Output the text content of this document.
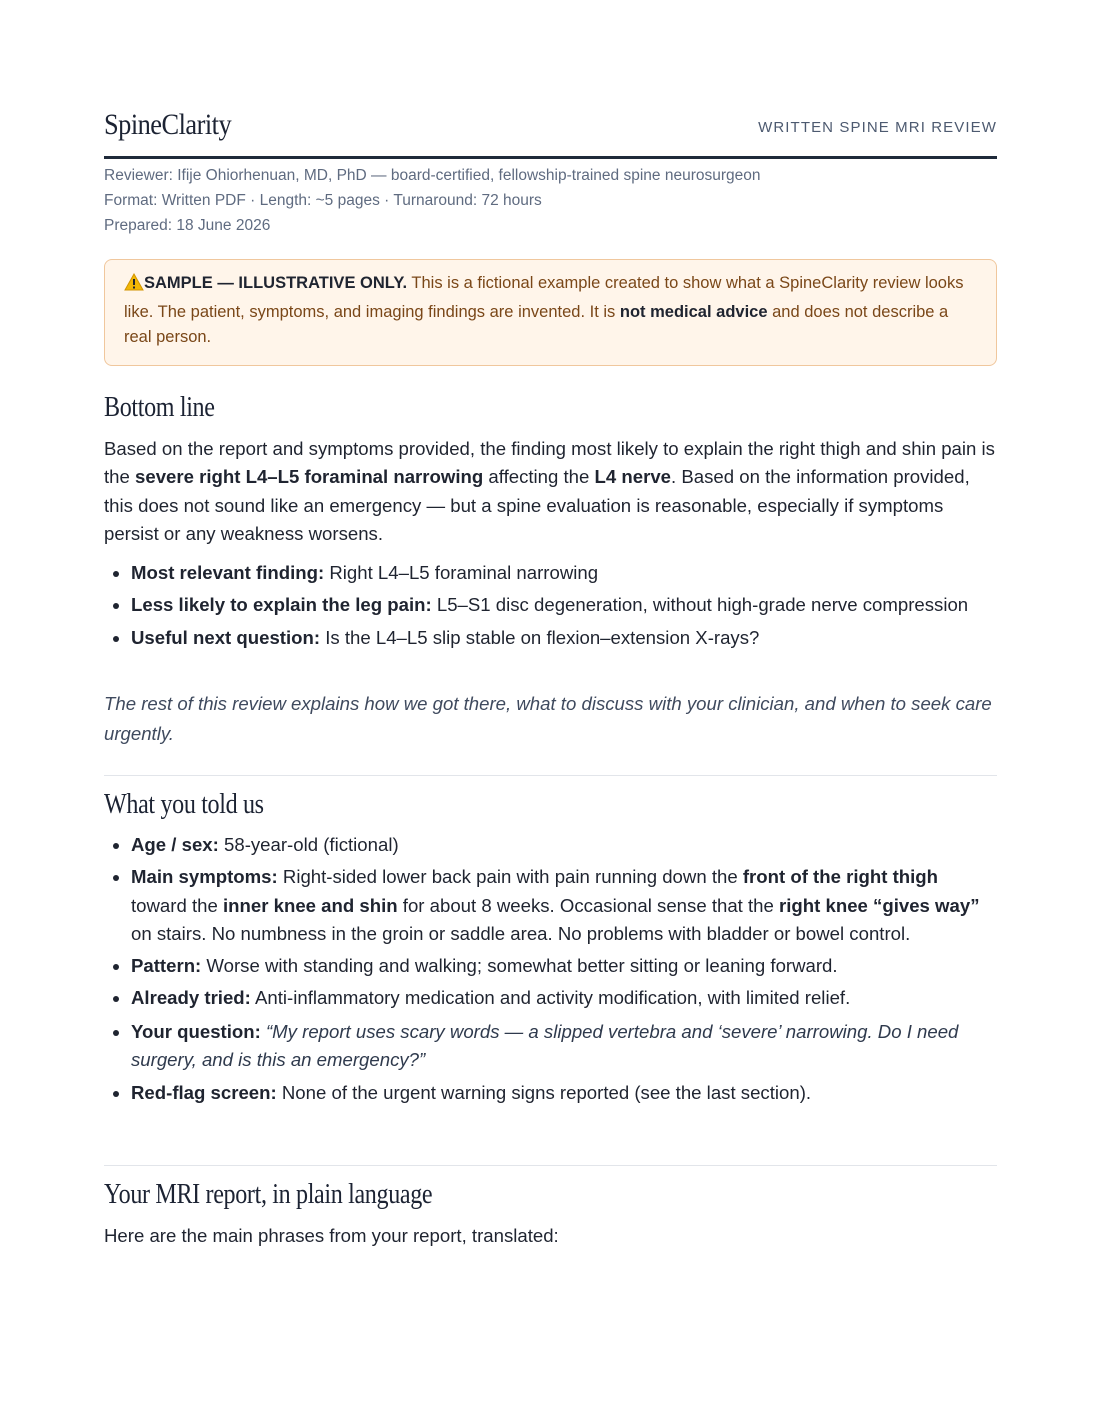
SpineClarity	WRITTEN SPINE MRI REVIEW
Reviewer: Ifije Ohiorhenuan, MD, PhD — board-certified, fellowship-trained spine neurosurgeon
Format: Written PDF · Length: ~5 pages · Turnaround: 72 hours
Prepared: 18 June 2026
SAMPLE — ILLUSTRATIVE ONLY. This is a fictional example created to show what a SpineClarity review looks like. The patient, symptoms, and imaging findings are invented. It is not medical advice and does not describe a real person.
Bottom line
Based on the report and symptoms provided, the finding most likely to explain the right thigh and shin pain is the severe right L4–L5 foraminal narrowing affecting the L4 nerve. Based on the information provided, this does not sound like an emergency — but a spine evaluation is reasonable, especially if symptoms persist or any weakness worsens.
Most relevant finding: Right L4–L5 foraminal narrowing
Less likely to explain the leg pain: L5–S1 disc degeneration, without high-grade nerve compression
Useful next question: Is the L4–L5 slip stable on flexion–extension X-rays?
The rest of this review explains how we got there, what to discuss with your clinician, and when to seek care urgently.
What you told us
Age / sex: 58-year-old (fictional)
Main symptoms: Right-sided lower back pain with pain running down the front of the right thigh toward the inner knee and shin for about 8 weeks. Occasional sense that the right knee “gives way” on stairs. No numbness in the groin or saddle area. No problems with bladder or bowel control.
Pattern: Worse with standing and walking; somewhat better sitting or leaning forward.
Already tried: Anti-inflammatory medication and activity modification, with limited relief.
Your question: “My report uses scary words — a slipped vertebra and ‘severe’ narrowing. Do I need surgery, and is this an emergency?”
Red-flag screen: None of the urgent warning signs reported (see the last section).
Your MRI report, in plain language
Here are the main phrases from your report, translated:
